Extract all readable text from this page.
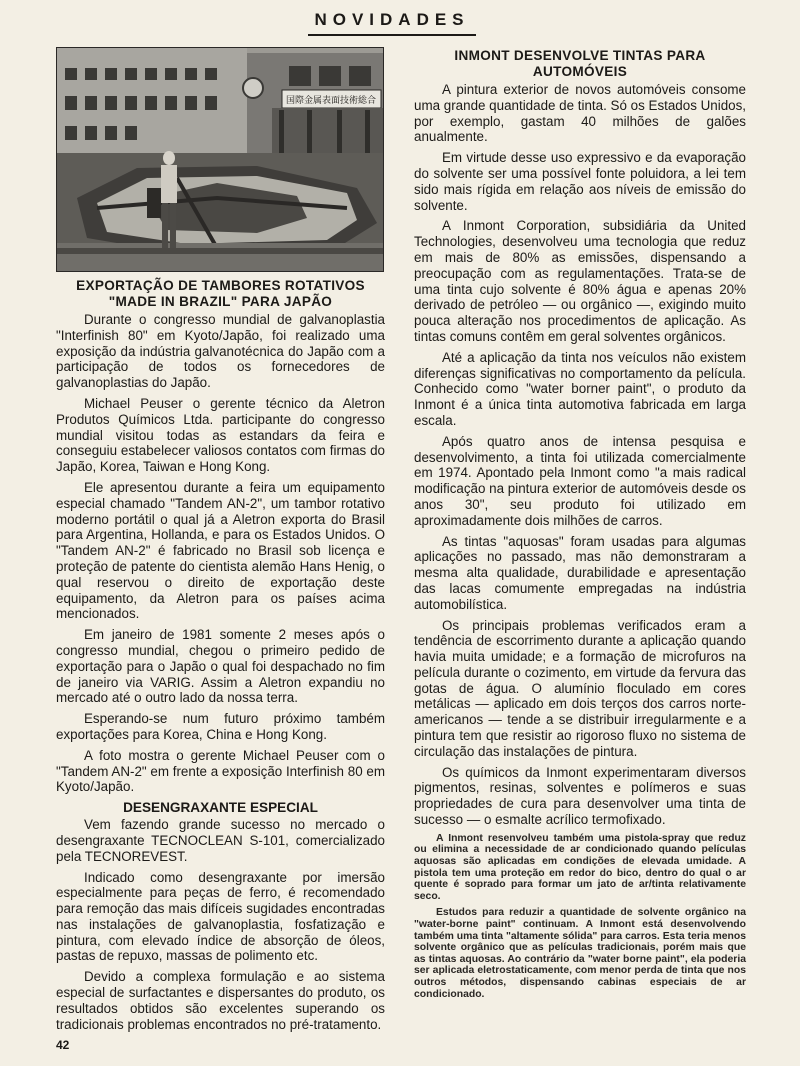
NOVIDADES
国際金属表面技術総合
EXPORTAÇÃO DE TAMBORES ROTATIVOS
"MADE IN BRAZIL" PARA JAPÃO

Durante o congresso mundial de galvanoplastia "Interfinish 80" em Kyoto/Japão, foi realizado uma exposição da indústria galvanotécnica do Japão com a participação de todos os fornecedores de galvanoplastias do Japão.

Michael Peuser o gerente técnico da Aletron Produtos Químicos Ltda. participante do congresso mundial visitou todas as estandars da feira e conseguiu estabelecer valiosos contatos com firmas do Japão, Korea, Taiwan e Hong Kong.

Ele apresentou durante a feira um equipamento especial chamado "Tandem AN-2", um tambor rotativo moderno portátil o qual já a Aletron exporta do Brasil para Argentina, Hollanda, e para os Estados Unidos. O "Tandem AN-2" é fabricado no Brasil sob licença e proteção de patente do cientista alemão Hans Henig, o qual reservou o direito de exportação deste equipamento, da Aletron para os países acima mencionados.

Em janeiro de 1981 somente 2 meses após o congresso mundial, chegou o primeiro pedido de exportação para o Japão o qual foi despachado no fim de janeiro via VARIG. Assim a Aletron expandiu no mercado até o outro lado da nossa terra.

Esperando-se num futuro próximo também exportações para Korea, China e Hong Kong.

A foto mostra o gerente Michael Peuser com o "Tandem AN-2" em frente a exposição Interfinish 80 em Kyoto/Japão.

DESENGRAXANTE ESPECIAL

Vem fazendo grande sucesso no mercado o desengraxante TECNOCLEAN S-101, comercializado pela TECNOREVEST.

Indicado como desengraxante por imersão especialmente para peças de ferro, é recomendado para remoção das mais difíceis sugidades encontradas nas instalações de galvanoplastia, fosfatização e pintura, com elevado índice de absorção de óleos, pastas de repuxo, massas de polimento etc.

Devido a complexa formulação e ao sistema especial de surfactantes e dispersantes do produto, os resultados obtidos são excelentes superando os tradicionais problemas encontrados no pré-tratamento.

INMONT DESENVOLVE TINTAS PARA
AUTOMÓVEIS

A pintura exterior de novos automóveis consome uma grande quantidade de tinta. Só os Estados Unidos, por exemplo, gastam 40 milhões de galões anualmente.

Em virtude desse uso expressivo e da evaporação do solvente ser uma possível fonte poluidora, a lei tem sido mais rígida em relação aos níveis de emissão do solvente.

A Inmont Corporation, subsidiária da United Technologies, desenvolveu uma tecnologia que reduz em mais de 80% as emissões, dispensando a preocupação com as regulamentações. Trata-se de uma tinta cujo solvente é 80% água e apenas 20% derivado de petróleo — ou orgânico —, exigindo muito pouca alteração nos procedimentos de aplicação. As tintas comuns contêm em geral solventes orgânicos.

Até a aplicação da tinta nos veículos não existem diferenças significativas no comportamento da película. Conhecido como "water borner paint", o produto da Inmont é a única tinta automotiva fabricada em larga escala.

Após quatro anos de intensa pesquisa e desenvolvimento, a tinta foi utilizada comercialmente em 1974. Apontado pela Inmont como "a mais radical modificação na pintura exterior de automóveis desde os anos 30", seu produto foi utilizado em aproximadamente dois milhões de carros.

As tintas "aquosas" foram usadas para algumas aplicações no passado, mas não demonstraram a mesma alta qualidade, durabilidade e apresentação das lacas comumente empregadas na indústria automobilística.

Os principais problemas verificados eram a tendência de escorrimento durante a aplicação quando havia muita umidade; e a formação de microfuros na película durante o cozimento, em virtude da fervura das gotas de água. O alumínio floculado em cores metálicas — aplicado em dois terços dos carros norte-americanos — tende a se distribuir irregularmente e a pintura tem que resistir ao rigoroso fluxo no sistema de circulação das instalações de pintura.

Os químicos da Inmont experimentaram diversos pigmentos, resinas, solventes e polímeros e suas propriedades de cura para desenvolver uma tinta de sucesso — o esmalte acrílico termofixado.

A Inmont resenvolveu também uma pistola-spray que reduz ou elimina a necessidade de ar condicionado quando películas aquosas são aplicadas em condições de elevada umidade. A pistola tem uma proteção em redor do bico, dentro do qual o ar quente é soprado para formar um jato de ar/tinta relativamente seco.

Estudos para reduzir a quantidade de solvente orgânico na "water-borne paint" continuam. A Inmont está desenvolvendo também uma tinta "altamente sólida" para carros. Esta teria menos solvente orgânico que as películas tradicionais, porém mais que as tintas aquosas. Ao contrário da "water borne paint", ela poderia ser aplicada eletrostaticamente, com menor perda de tinta que nos outros métodos, dispensando cabinas especiais de ar condicionado.

42
